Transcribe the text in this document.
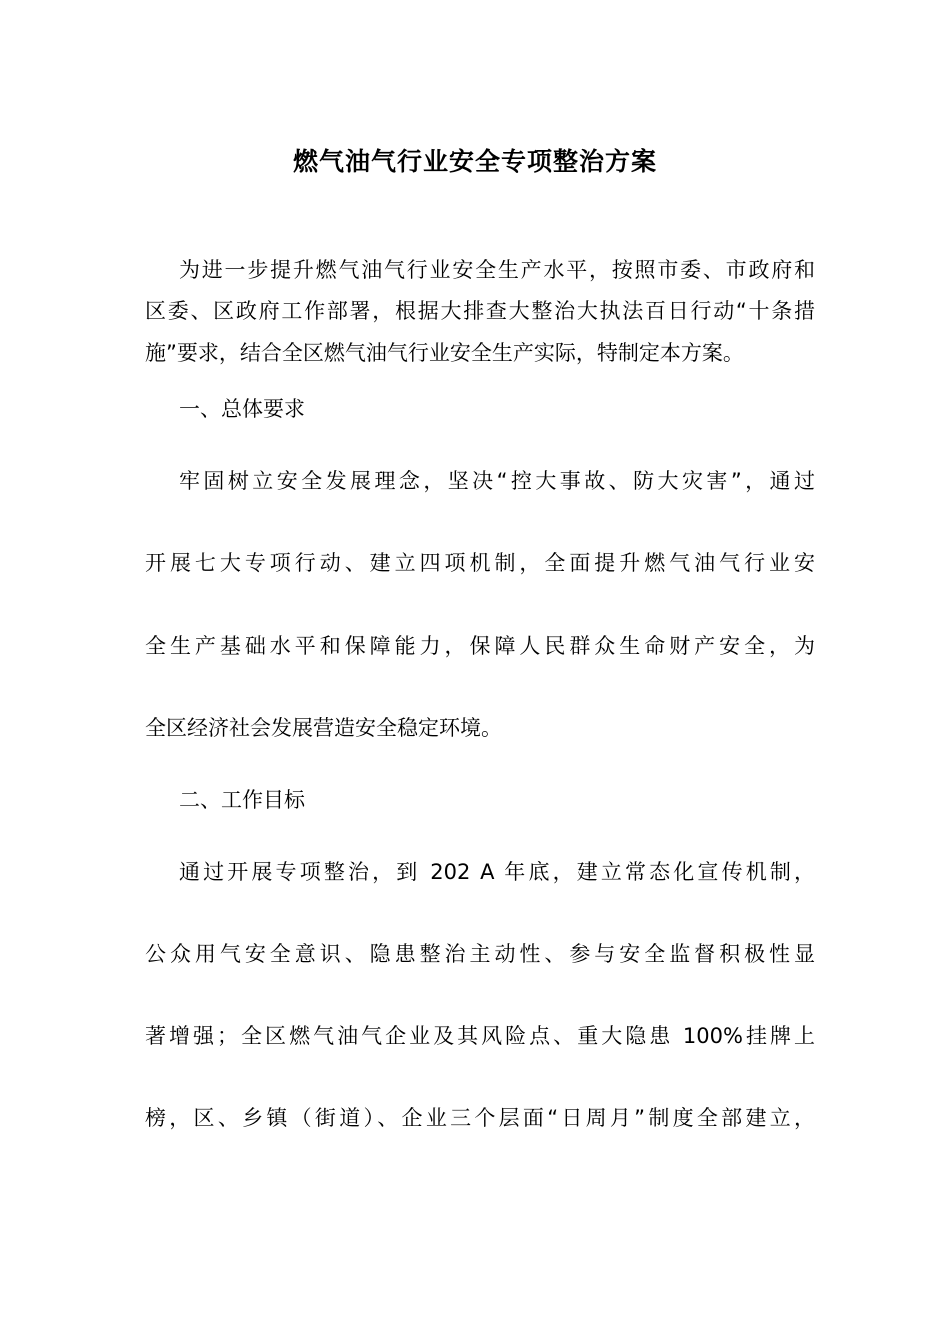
燃气油气行业安全专项整治方案

为进一步提升燃气油气行业安全生产水平，按照市委、市政府和

区委、区政府工作部署，根据大排查大整治大执法百日行动“十条措

施”要求，结合全区燃气油气行业安全生产实际，特制定本方案。

一、总体要求

牢固树立安全发展理念，坚决“控大事故、防大灾害”，通过

开展七大专项行动、建立四项机制，全面提升燃气油气行业安

全生产基础水平和保障能力，保障人民群众生命财产安全，为

全区经济社会发展营造安全稳定环境。

二、工作目标

通过开展专项整治，到 202 A 年底，建立常态化宣传机制，

公众用气安全意识、隐患整治主动性、参与安全监督积极性显

著增强；全区燃气油气企业及其风险点、重大隐患 100%挂牌上

榜，区、乡镇（街道）、企业三个层面“日周月”制度全部建立，
